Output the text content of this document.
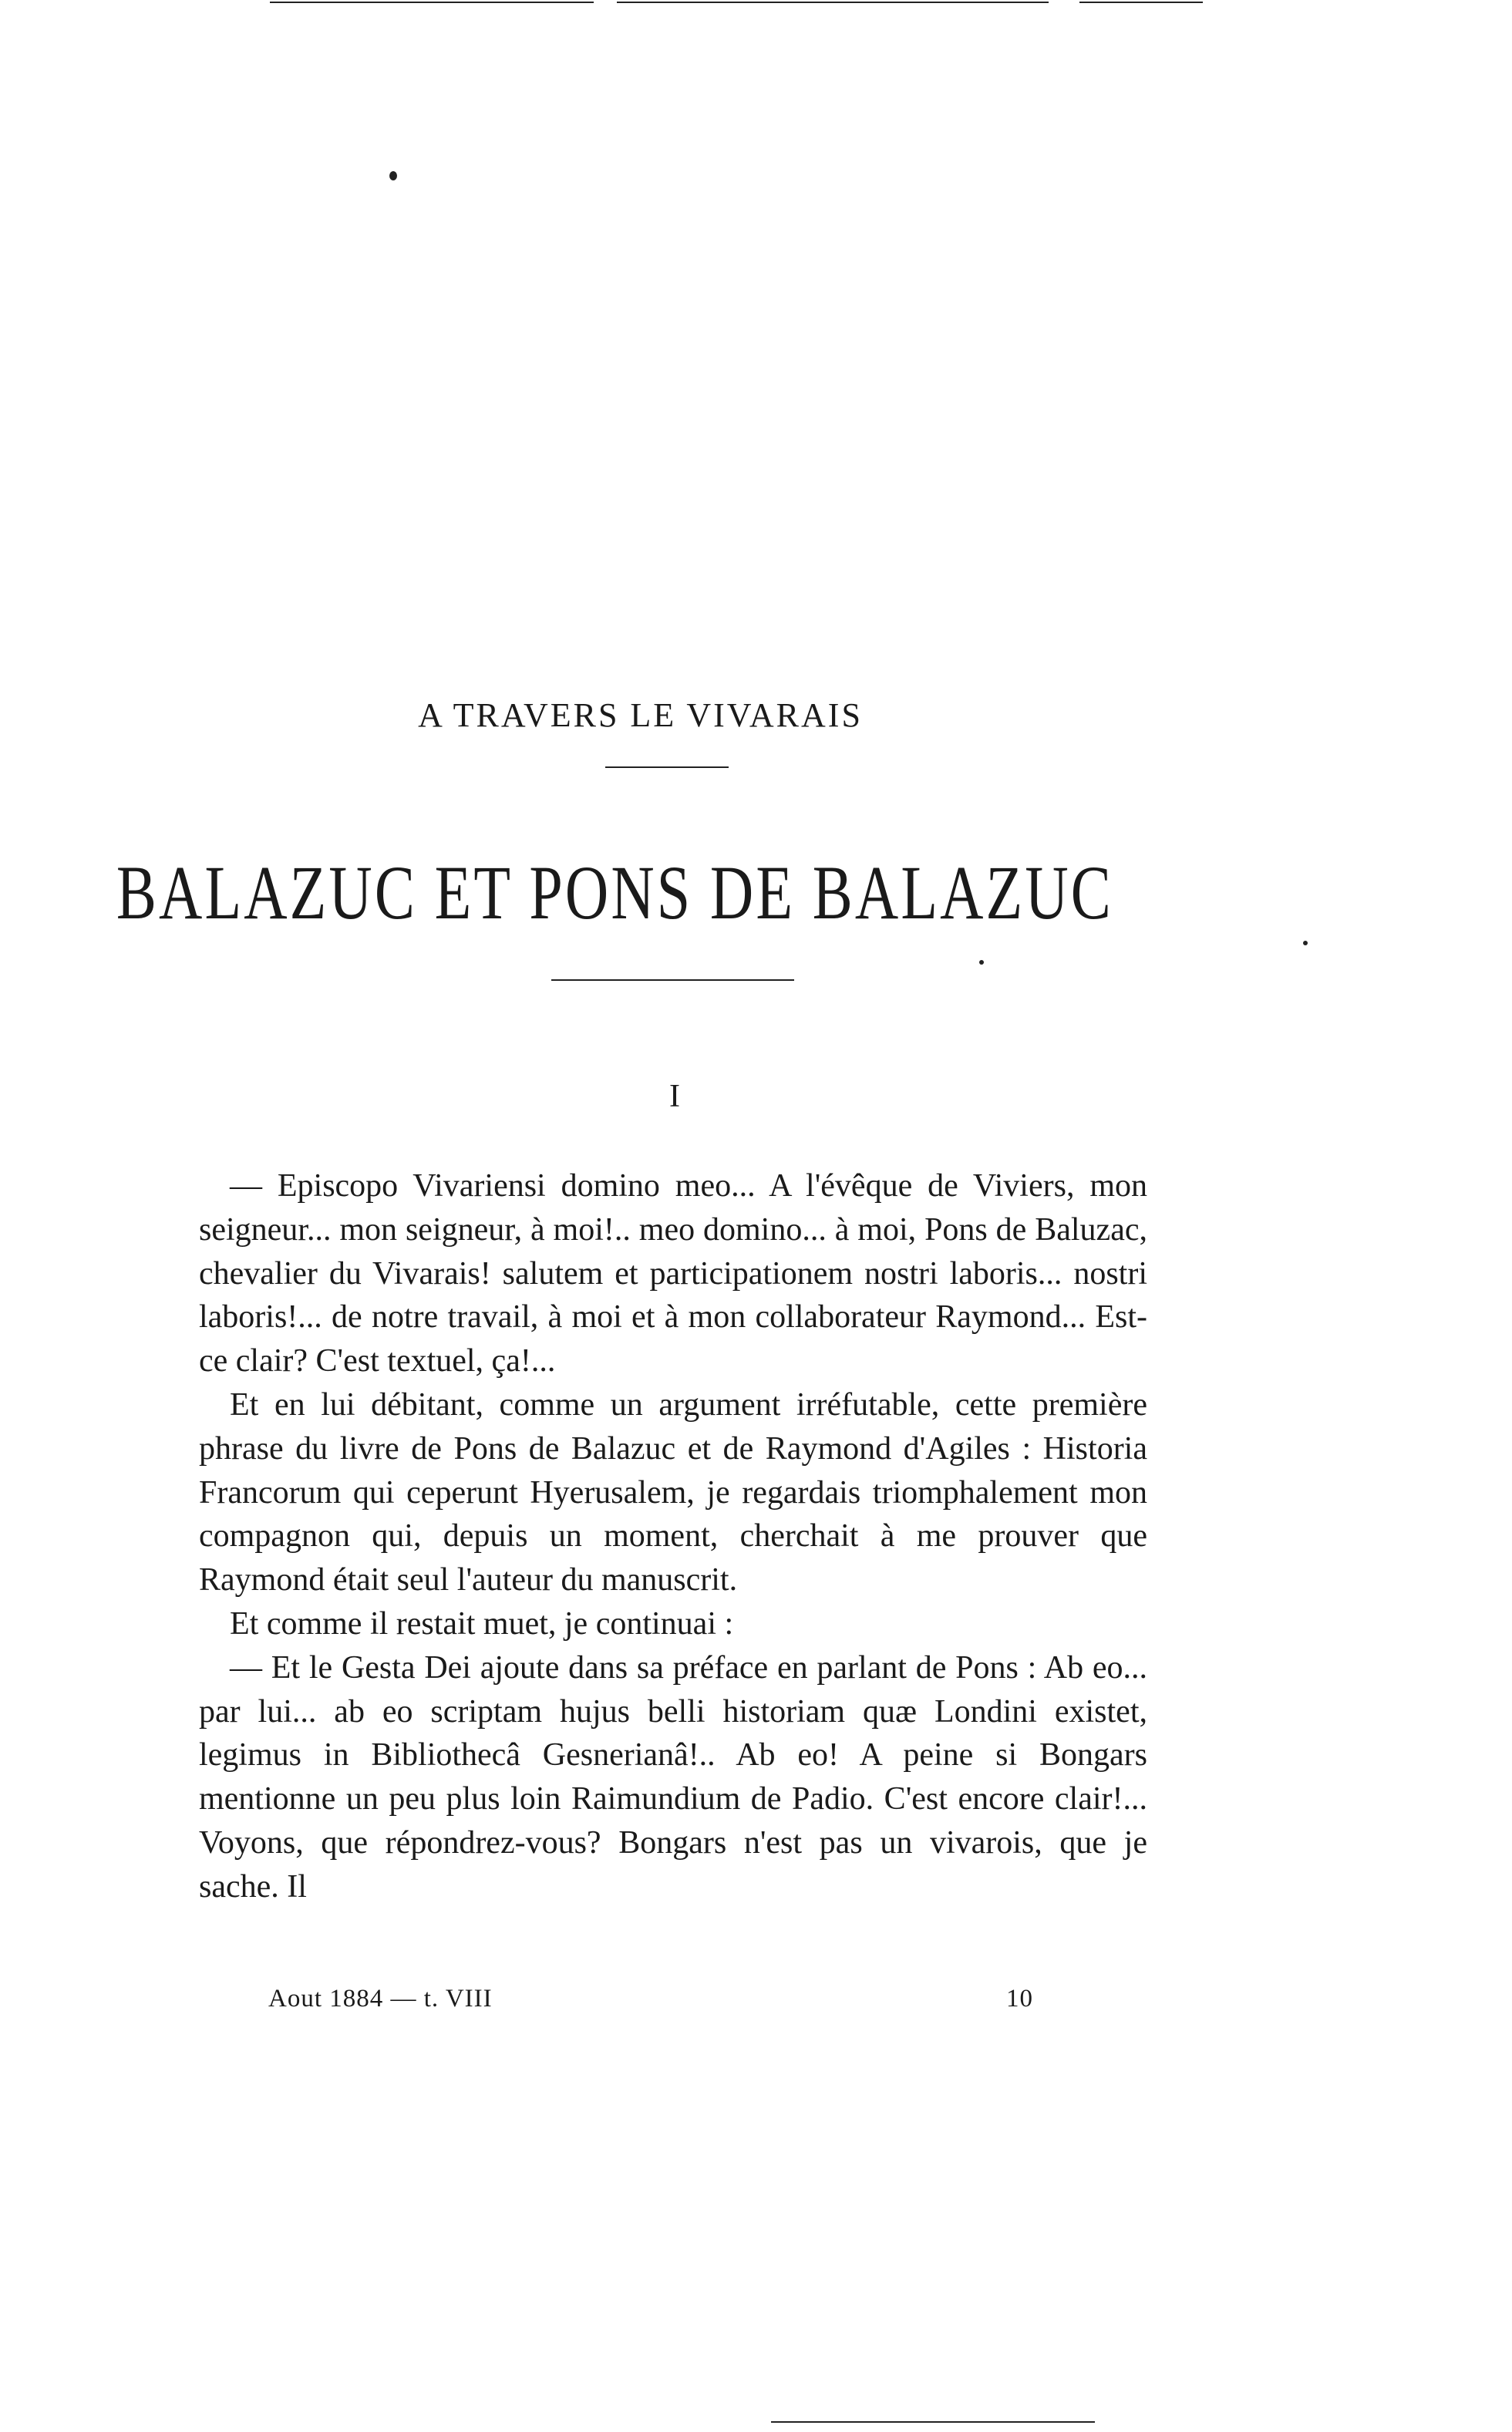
A TRAVERS LE VIVARAIS
BALAZUC ET PONS DE BALAZUC
I

— Episcopo Vivariensi domino meo... A l'évêque de Viviers, mon seigneur... mon seigneur, à moi!.. meo domino... à moi, Pons de Baluzac, chevalier du Vivarais! salutem et participationem nostri laboris... nostri laboris!... de notre travail, à moi et à mon collaborateur Raymond... Est-ce clair? C'est textuel, ça!...

Et en lui débitant, comme un argument irréfutable, cette première phrase du livre de Pons de Balazuc et de Raymond d'Agiles : Historia Francorum qui ceperunt Hyerusalem, je regardais triomphalement mon compagnon qui, depuis un moment, cherchait à me prouver que Raymond était seul l'auteur du manuscrit.

Et comme il restait muet, je continuai :

— Et le Gesta Dei ajoute dans sa préface en parlant de Pons : Ab eo... par lui... ab eo scriptam hujus belli historiam quæ Londini existet, legimus in Bibliothecâ Gesnerianâ!.. Ab eo! A peine si Bongars mentionne un peu plus loin Raimundium de Padio. C'est encore clair!... Voyons, que répondrez-vous? Bongars n'est pas un vivarois, que je sache. Il

Aout 1884 — t. VIII	10
